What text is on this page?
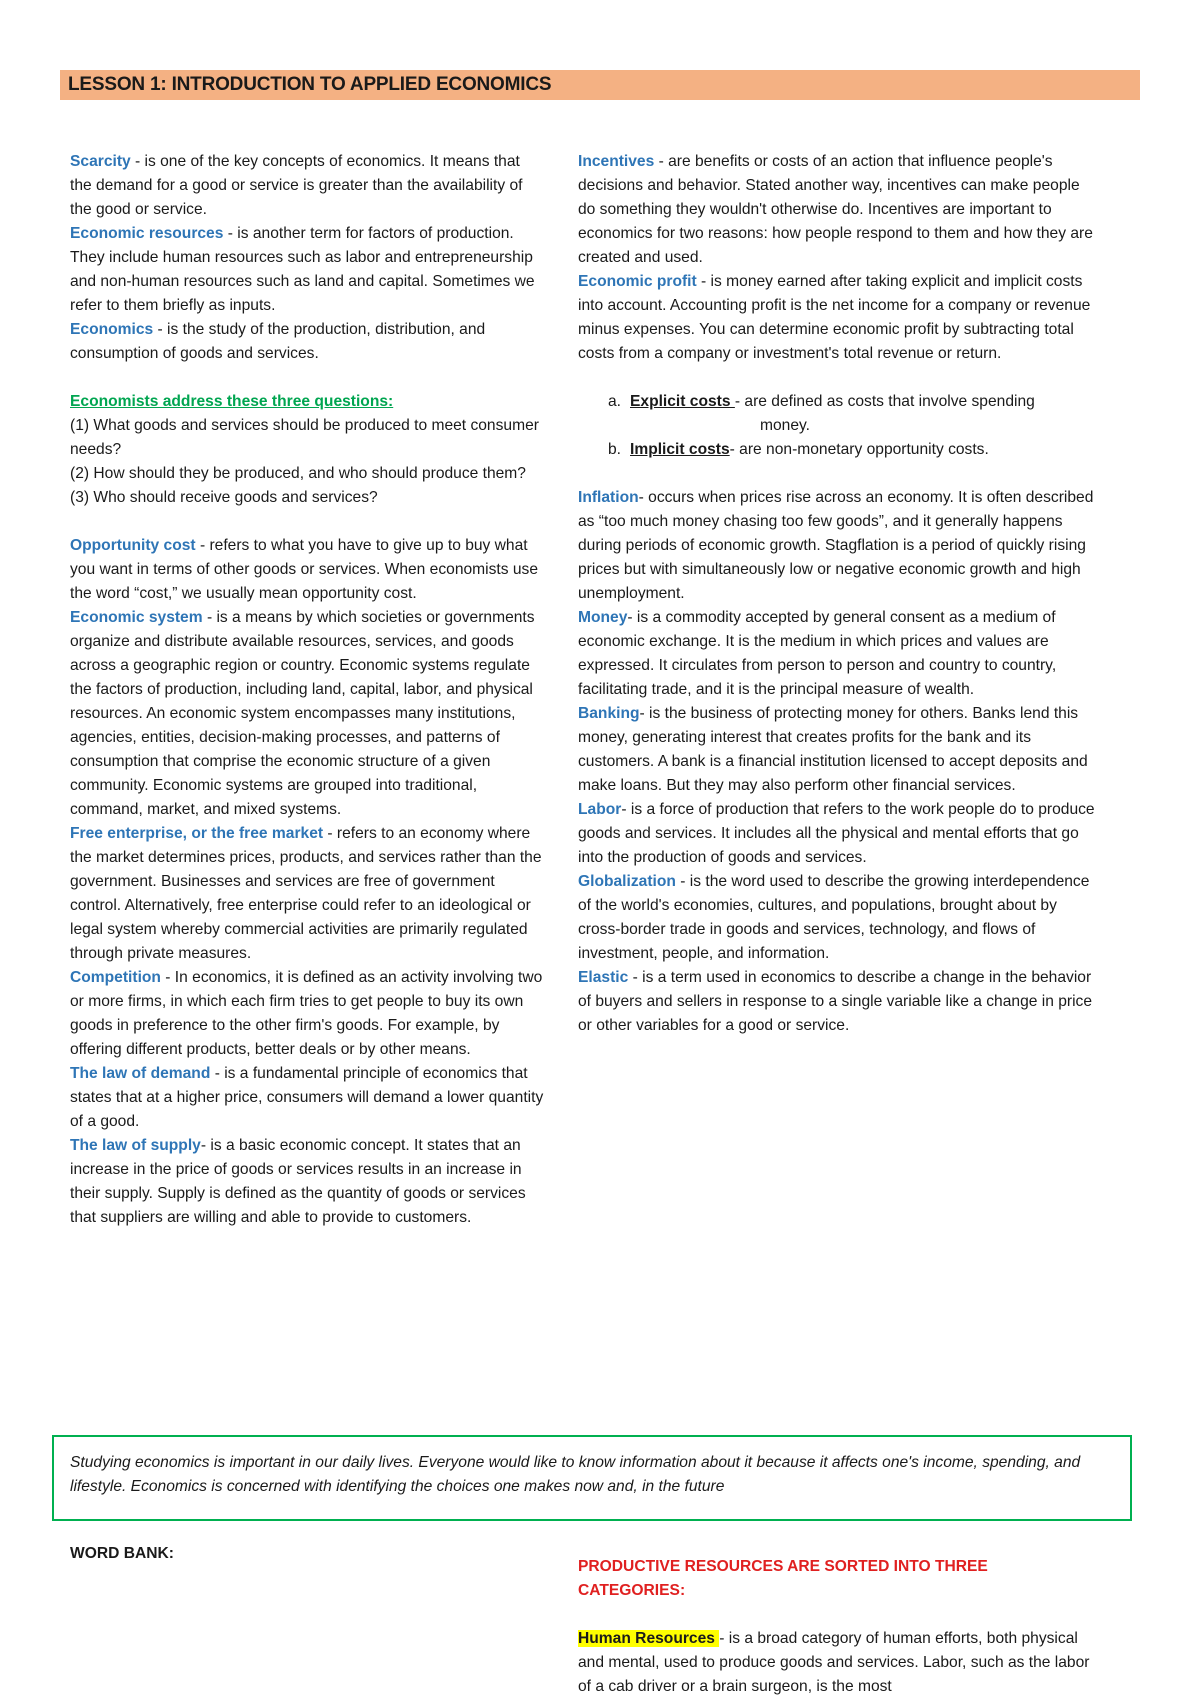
LESSON 1: INTRODUCTION TO APPLIED ECONOMICS

Scarcity - is one of the key concepts of economics. It means that the demand for a good or service is greater than the availability of the good or service.

Economic resources - is another term for factors of production. They include human resources such as labor and entrepreneurship and non-human resources such as land and capital. Sometimes we refer to them briefly as inputs.

Economics - is the study of the production, distribution, and consumption of goods and services.

Economists address these three questions:

(1) What goods and services should be produced to meet consumer needs?

(2) How should they be produced, and who should produce them?

(3) Who should receive goods and services?

Opportunity cost - refers to what you have to give up to buy what you want in terms of other goods or services. When economists use the word “cost,” we usually mean opportunity cost.

Economic system - is a means by which societies or governments organize and distribute available resources, services, and goods across a geographic region or country. Economic systems regulate the factors of production, including land, capital, labor, and physical resources. An economic system encompasses many institutions, agencies, entities, decision-making processes, and patterns of consumption that comprise the economic structure of a given community. Economic systems are grouped into traditional, command, market, and mixed systems.

Free enterprise, or the free market - refers to an economy where the market determines prices, products, and services rather than the government. Businesses and services are free of government control. Alternatively, free enterprise could refer to an ideological or legal system whereby commercial activities are primarily regulated through private measures.

Competition - In economics, it is defined as an activity involving two or more firms, in which each firm tries to get people to buy its own goods in preference to the other firm's goods. For example, by offering different products, better deals or by other means.

The law of demand - is a fundamental principle of economics that states that at a higher price, consumers will demand a lower quantity of a good.

The law of supply- is a basic economic concept. It states that an increase in the price of goods or services results in an increase in their supply. Supply is defined as the quantity of goods or services that suppliers are willing and able to provide to customers.

Incentives - are benefits or costs of an action that influence people's decisions and behavior. Stated another way, incentives can make people do something they wouldn't otherwise do. Incentives are important to economics for two reasons: how people respond to them and how they are created and used.

Economic profit - is money earned after taking explicit and implicit costs into account. Accounting profit is the net income for a company or revenue minus expenses. You can determine economic profit by subtracting total costs from a company or investment's total revenue or return.

a. Explicit costs - are defined as costs that involve spending
money.
b. Implicit costs- are non-monetary opportunity costs.

Inflation- occurs when prices rise across an economy. It is often described as “too much money chasing too few goods”, and it generally happens during periods of economic growth. Stagflation is a period of quickly rising prices but with simultaneously low or negative economic growth and high unemployment.

Money- is a commodity accepted by general consent as a medium of economic exchange. It is the medium in which prices and values are expressed. It circulates from person to person and country to country, facilitating trade, and it is the principal measure of wealth.

Banking- is the business of protecting money for others. Banks lend this money, generating interest that creates profits for the bank and its customers. A bank is a financial institution licensed to accept deposits and make loans. But they may also perform other financial services.

Labor- is a force of production that refers to the work people do to produce goods and services. It includes all the physical and mental efforts that go into the production of goods and services.

Globalization - is the word used to describe the growing interdependence of the world's economies, cultures, and populations, brought about by cross-border trade in goods and services, technology, and flows of investment, people, and information.

Elastic - is a term used in economics to describe a change in the behavior of buyers and sellers in response to a single variable like a change in price or other variables for a good or service.

Studying economics is important in our daily lives. Everyone would like to know information about it because it affects one's income, spending, and lifestyle. Economics is concerned with identifying the choices one makes now and, in the future
WORD BANK:
PRODUCTIVE RESOURCES ARE SORTED INTO THREE CATEGORIES:
Human Resources - is a broad category of human efforts, both physical and mental, used to produce goods and services. Labor, such as the labor of a cab driver or a brain surgeon, is the most
